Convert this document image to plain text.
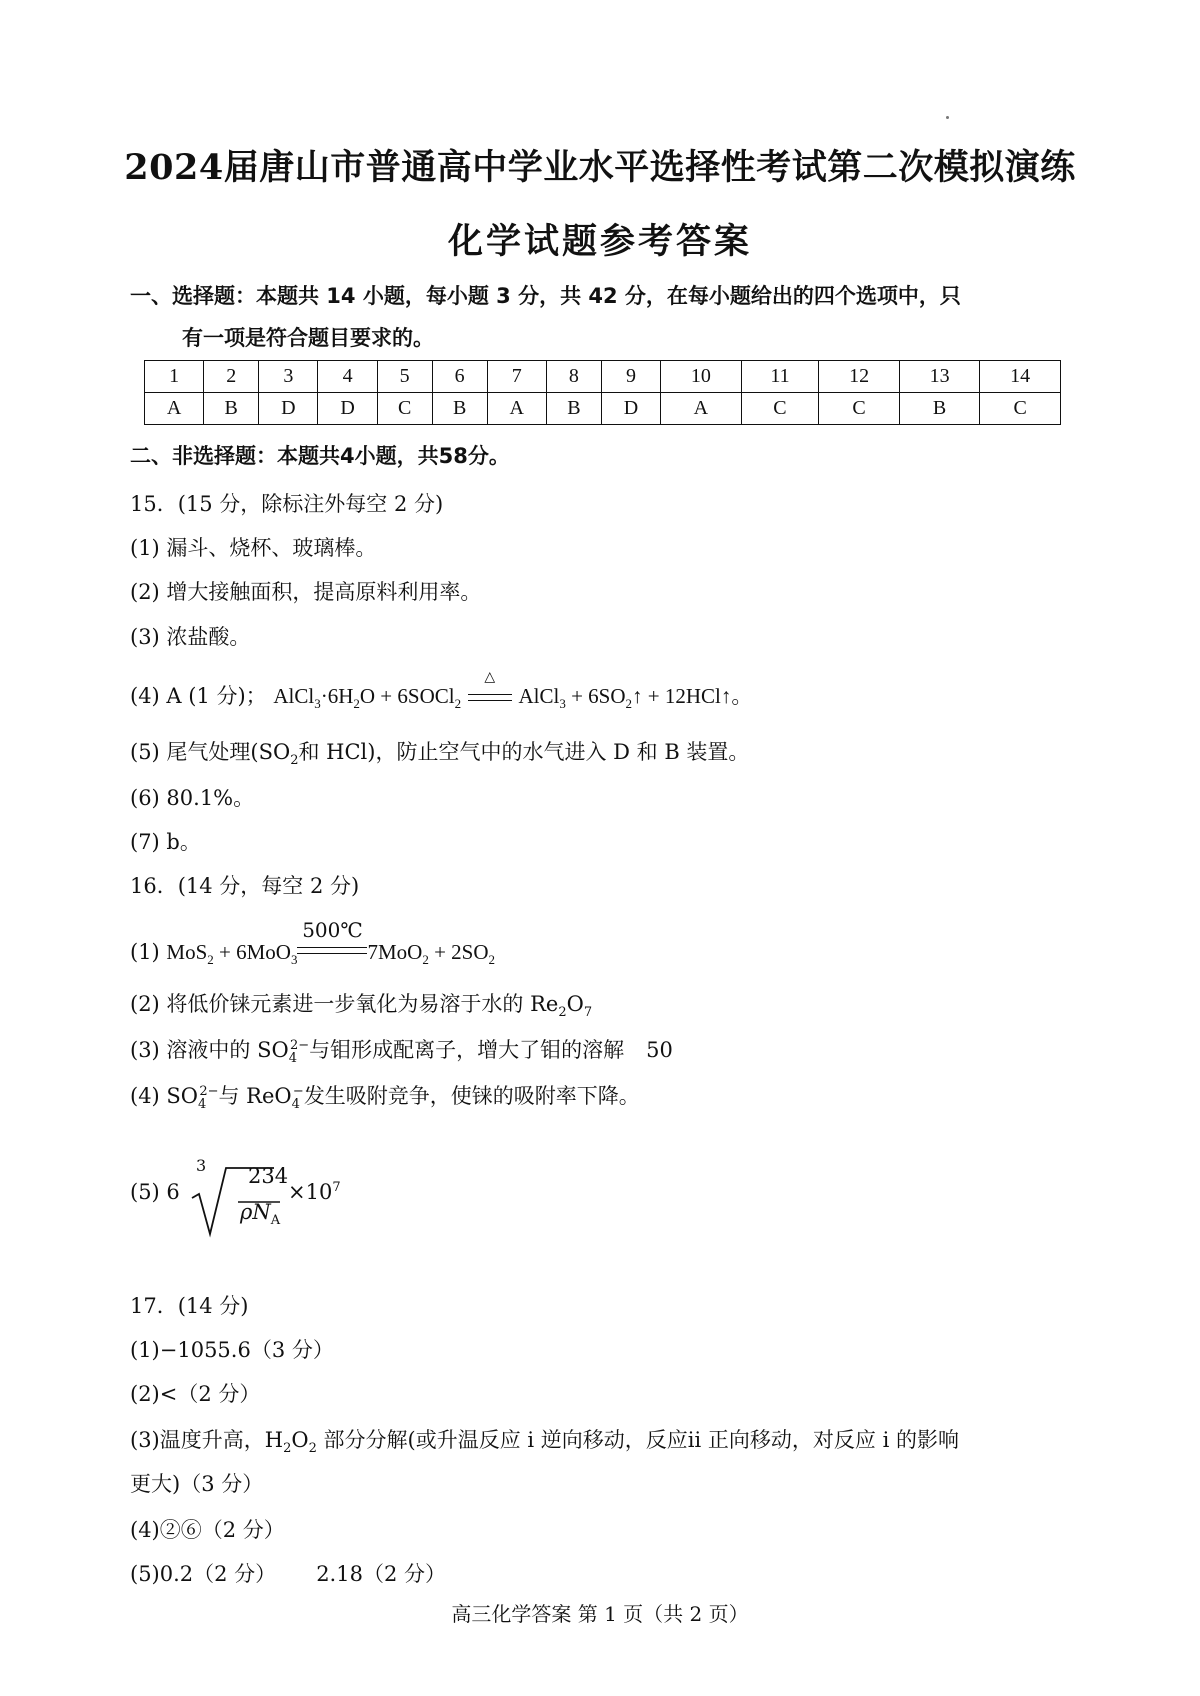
2024届唐山市普通高中学业水平选择性考试第二次模拟演练
化学试题参考答案
一、选择题：本题共 14 小题，每小题 3 分，共 42 分，在每小题给出的四个选项中，只
有一项是符合题目要求的。
1	2	3	4	5	6	7	8	9	10	11	12	13	14
A	B	D	D	C	B	A	B	D	A	C	C	B	C
二、非选择题：本题共4小题，共58分。
15．(15 分，除标注外每空 2 分)
(1) 漏斗、烧杯、玻璃棒。
(2) 增大接触面积，提高原料利用率。
(3) 浓盐酸。
(4) A (1 分)； $AlCl_3\cdot 6H_2O$ + 6SOCl$_2$
△
AlCl$_3$ + $6SO_2↑$ + 12HCl↑。
(5) 尾气处理($SO_2$和 HCl)，防止空气中的水气进入 D 和 B 装置。
(6) 80.1%。
(7) b。
16．(14 分，每空 2 分)
(1) MoS$_2$ + 6MoO$_3$
500℃
$7MoO_2 + 2SO_2$
(2) 将低价铼元素进一步氧化为易溶于水的 $Re_2O_7$
(3) 溶液中的 $SO_4^{2-}$与钼形成配离子，增大了钼的溶解 50
(4) $SO_4^{2-}$与 ReO$_4$−发生吸附竞争，使铼的吸附率下降。
(5) 6
3 234
$\rho N_A$
$\times 10^7$
17．(14 分)
(1)−1055.6（3 分）
(2)<（2 分）
(3)温度升高，$H_2O_2$ 部分分解(或升温反应 ⅰ 逆向移动，反应ⅱ 正向移动，对反应 ⅰ 的影响
更大)（3 分）
(4)②⑥（2 分）
(5)0.2（2 分） 2.18（2 分）
高三化学答案 第 1 页（共 2 页）
